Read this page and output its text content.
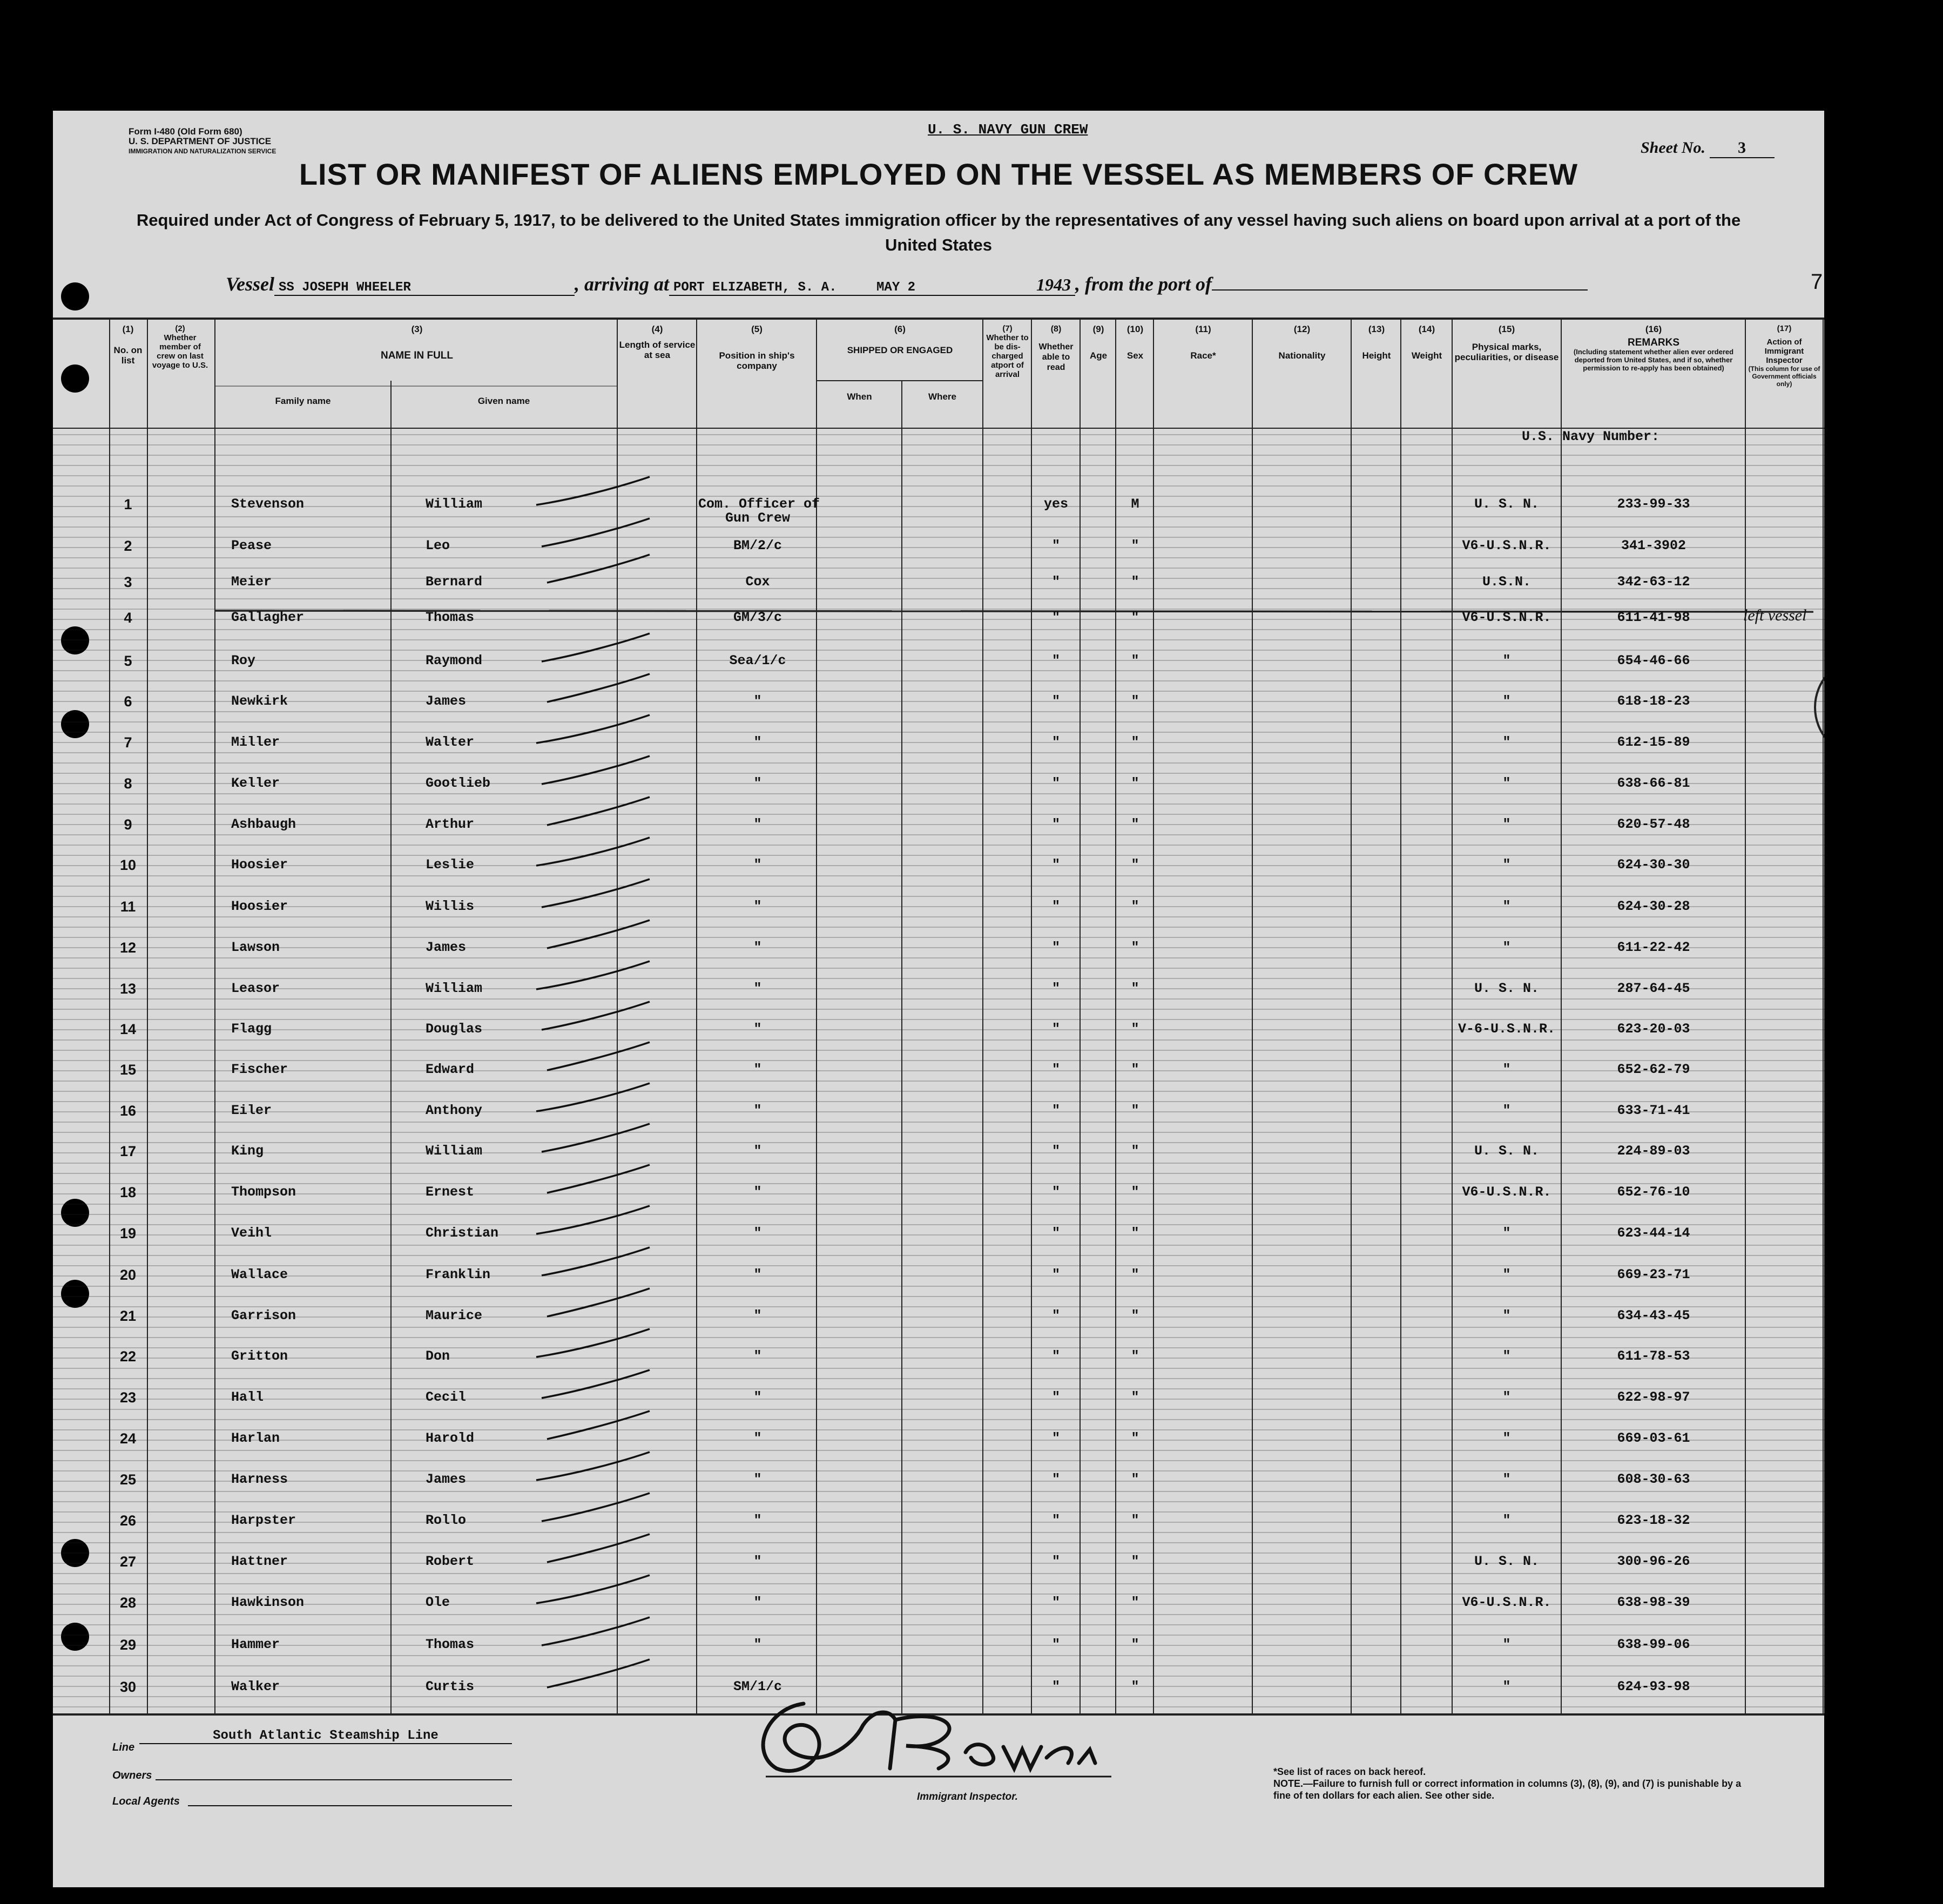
Form I-480 (Old Form 680)
U. S. DEPARTMENT OF JUSTICE
IMMIGRATION AND NATURALIZATION SERVICE
U. S. NAVY GUN CREW
Sheet No. 3
LIST OR MANIFEST OF ALIENS EMPLOYED ON THE VESSEL AS MEMBERS OF CREW
Required under Act of Congress of February 5, 1917, to be delivered to the United States immigration officer by the representatives of any vessel having such aliens on board upon arrival at a port of the United States
Vessel SS JOSEPH WHEELER	, arriving at PORT ELIZABETH, S. A.	MAY 2	1943 , from the port of	7
(1)
No. on list
(2)
Whether member of crew on last voyage to U.S.
(3)
NAME IN FULL
Family name	Given name
(4)
Length of service at sea
(5)
Position in ship's company
(6)
SHIPPED OR ENGAGED
When	Where
(7)
Whether to be dis-charged atport of arrival
(8)
Whether able to read
(9)
Age
(10)
Sex
(11)
Race*
(12)
Nationality
(13)
Height
(14)
Weight
(15)
Physical marks, peculiarities, or disease
(16)
REMARKS
(Including statement whether alien ever ordered deported from United States, and if so, whether permission to re-apply has been obtained)
(17)
Action of Immigrant Inspector
(This column for use of Government officials only)
U.S. Navy Number:
1	Stevenson	William	Com. Officer of
Gun Crew
yes	M	U. S. N.	233-99-33
2	Pease	Leo	BM/2/c	"	"	V6-U.S.N.R.	341-3902
3	Meier	Bernard	Cox	"	"	U.S.N.	342-63-12
4	Gallagher	Thomas	GM/3/c	"	"	V6-U.S.N.R.	611-41-98	left vessel
5	Roy	Raymond	Sea/1/c	"	"	"	654-46-66
6	Newkirk	James	"	"	"	"	618-18-23
7	Miller	Walter	"	"	"	"	612-15-89
8	Keller	Gootlieb	"	"	"	"	638-66-81
9	Ashbaugh	Arthur	"	"	"	"	620-57-48
10	Hoosier	Leslie	"	"	"	"	624-30-30
11	Hoosier	Willis	"	"	"	"	624-30-28
12	Lawson	James	"	"	"	"	611-22-42
13	Leasor	William	"	"	"	U. S. N.	287-64-45
14	Flagg	Douglas	"	"	"	V-6-U.S.N.R.	623-20-03
15	Fischer	Edward	"	"	"	"	652-62-79
16	Eiler	Anthony	"	"	"	"	633-71-41
17	King	William	"	"	"	U. S. N.	224-89-03
18	Thompson	Ernest	"	"	"	V6-U.S.N.R.	652-76-10
19	Veihl	Christian	"	"	"	"	623-44-14
20	Wallace	Franklin	"	"	"	"	669-23-71
21	Garrison	Maurice	"	"	"	"	634-43-45
22	Gritton	Don	"	"	"	"	611-78-53
23	Hall	Cecil	"	"	"	"	622-98-97
24	Harlan	Harold	"	"	"	"	669-03-61
25	Harness	James	"	"	"	"	608-30-63
26	Harpster	Rollo	"	"	"	"	623-18-32
27	Hattner	Robert	"	"	"	U. S. N.	300-96-26
28	Hawkinson	Ole	"	"	"	V6-U.S.N.R.	638-98-39
29	Hammer	Thomas	"	"	"	"	638-99-06
30	Walker	Curtis	SM/1/c	"	"	"	624-93-98
Line
South Atlantic Steamship Line
Owners
Local Agents	Immigrant Inspector.
*See list of races on back hereof.
NOTE.—Failure to furnish full or correct information in columns (3), (8), (9), and (7) is punishable by a fine of ten dollars for each alien. See other side.
